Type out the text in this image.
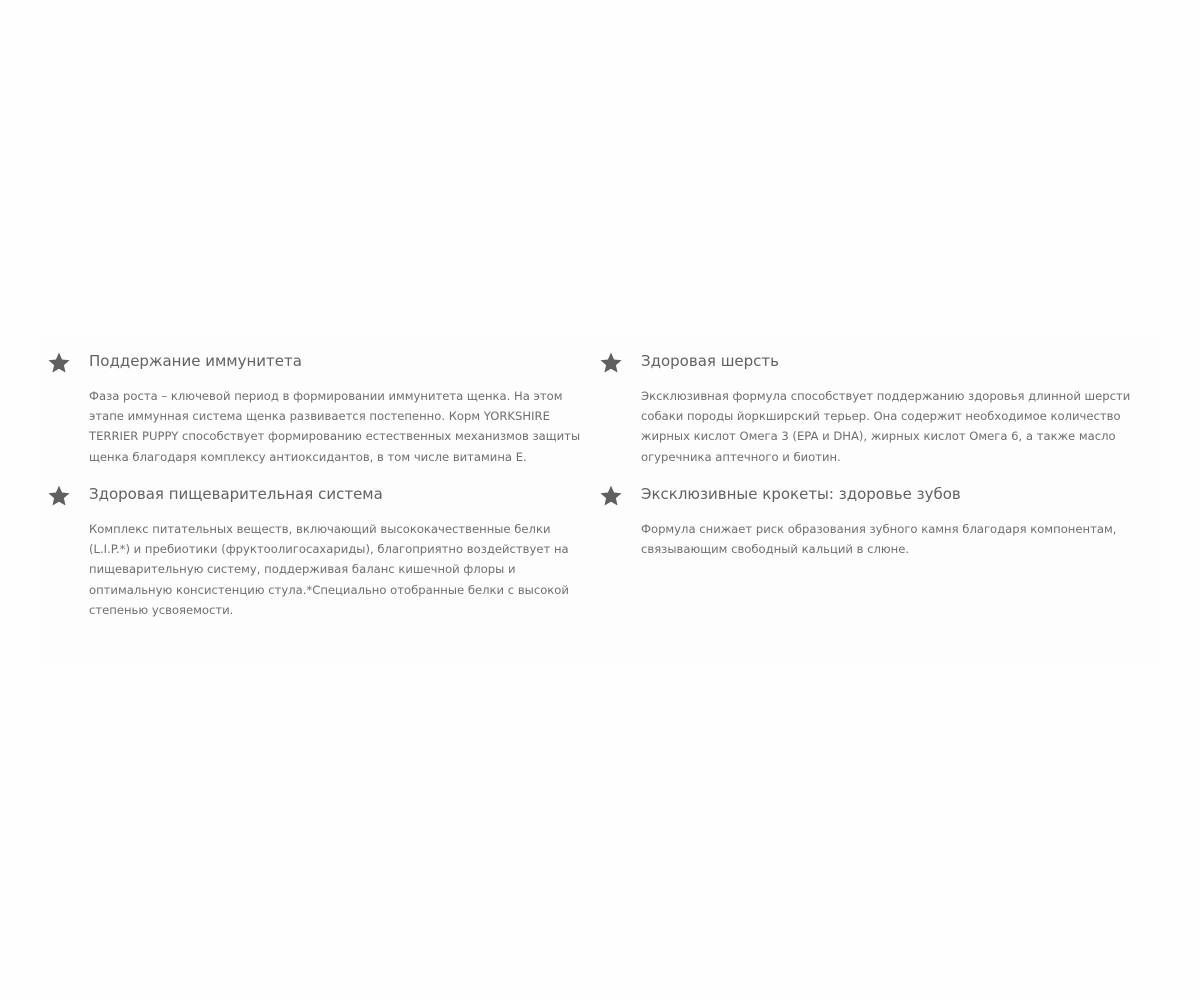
Поддержание иммунитета

Фаза роста – ключевой период в формировании иммунитета щенка. На этом этапе иммунная система щенка развивается постепенно. Корм YORKSHIRE TERRIER PUPPY способствует формированию естественных механизмов защиты щенка благодаря комплексу антиоксидантов, в том числе витамина Е.

Здоровая шерсть

Эксклюзивная формула способствует поддержанию здоровья длинной шерсти собаки породы йоркширский терьер. Она содержит необходимое количество жирных кислот Омега 3 (EPA и DHA), жирных кислот Омега 6, а также масло огуречника аптечного и биотин.

Здоровая пищеварительная система

Комплекс питательных веществ, включающий высококачественные белки (L.I.P.*) и пребиотики (фруктоолигосахариды), благоприятно воздействует на пищеварительную систему, поддерживая баланс кишечной флоры и оптимальную консистенцию стула.*Специально отобранные белки с высокой степенью усвояемости.

Эксклюзивные крокеты: здоровье зубов

Формула снижает риск образования зубного камня благодаря компонентам, связывающим свободный кальций в слюне.
